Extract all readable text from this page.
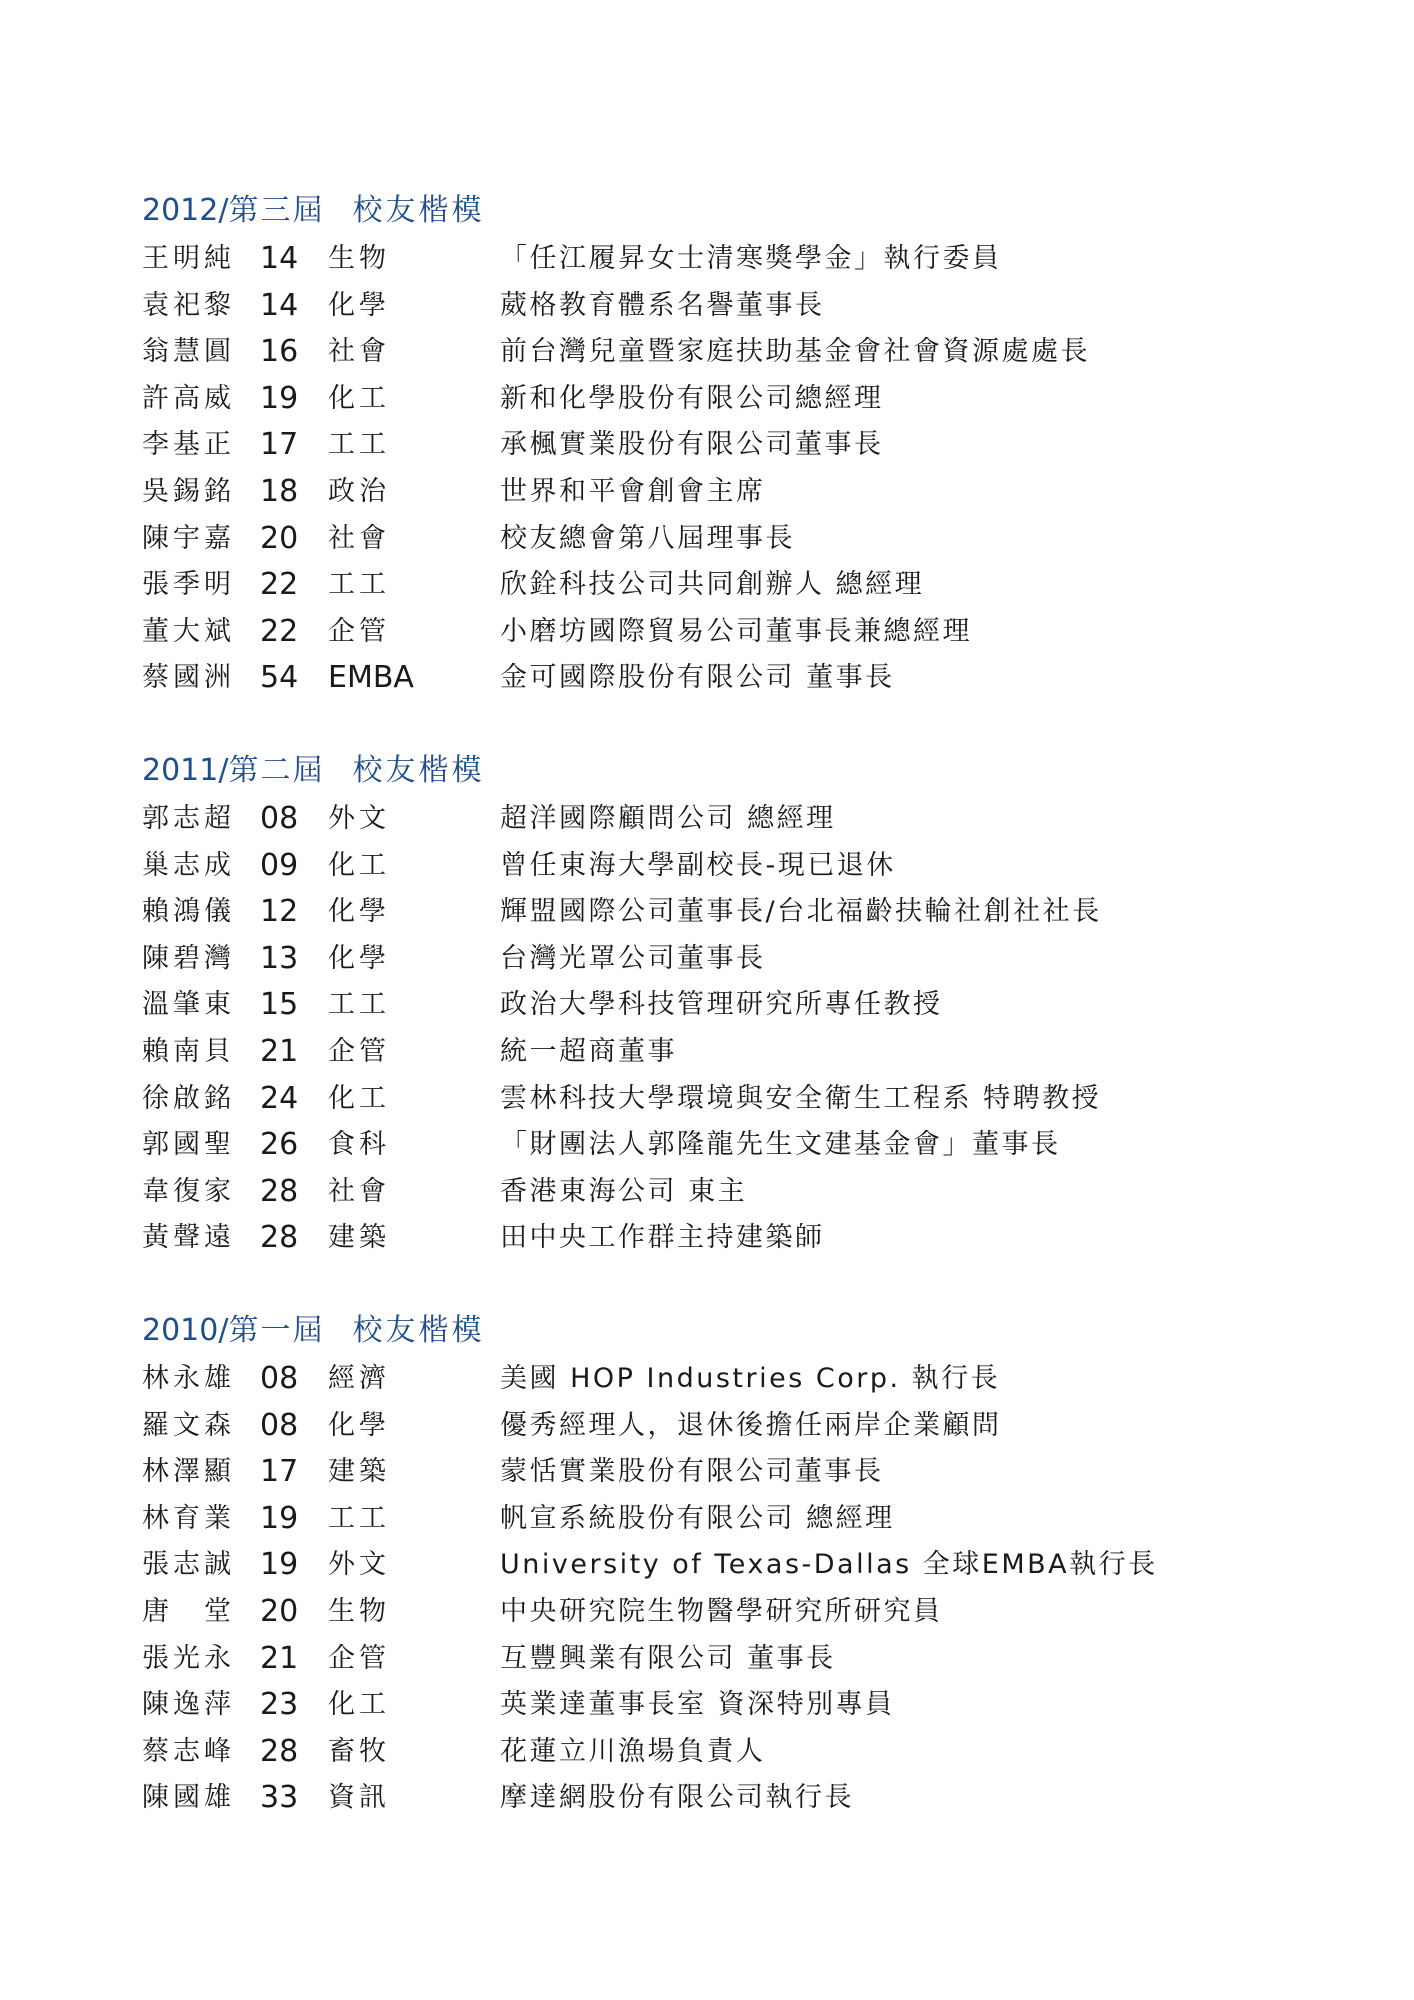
2012/第三屆 校友楷模
王明純 14 生物	「任江履昇女士清寒獎學金」執行委員
袁祀黎 14 化學	葳格教育體系名譽董事長
翁慧圓 16 社會	前台灣兒童暨家庭扶助基金會社會資源處處長
許高威 19 化工	新和化學股份有限公司總經理
李基正 17 工工	承楓實業股份有限公司董事長
吳錫銘 18 政治	世界和平會創會主席
陳宇嘉 20 社會	校友總會第八屆理事長
張季明 22 工工	欣銓科技公司共同創辦人 總經理
董大斌 22 企管	小磨坊國際貿易公司董事長兼總經理
蔡國洲 54 EMBA	金可國際股份有限公司 董事長
2011/第二屆 校友楷模
郭志超 08 外文	超洋國際顧問公司 總經理
巢志成 09 化工	曾任東海大學副校長-現已退休
賴鴻儀 12 化學	輝盟國際公司董事長/台北福齡扶輪社創社社長
陳碧灣 13 化學	台灣光罩公司董事長
溫肇東 15 工工	政治大學科技管理研究所專任教授
賴南貝 21 企管	統一超商董事
徐啟銘 24 化工	雲林科技大學環境與安全衛生工程系 特聘教授
郭國聖 26 食科	「財團法人郭隆龍先生文建基金會」董事長
韋復家 28 社會	香港東海公司 東主
黃聲遠 28 建築	田中央工作群主持建築師
2010/第一屆 校友楷模
林永雄 08 經濟	美國 HOP Industries Corp. 執行長
羅文森 08 化學	優秀經理人，退休後擔任兩岸企業顧問
林澤顯 17 建築	蒙恬實業股份有限公司董事長
林育業 19 工工	帆宣系統股份有限公司 總經理
張志誠 19 外文	University of Texas-Dallas 全球EMBA執行長
唐　堂 20 生物	中央研究院生物醫學研究所研究員
張光永 21 企管	互豐興業有限公司 董事長
陳逸萍 23 化工	英業達董事長室 資深特別專員
蔡志峰 28 畜牧	花蓮立川漁場負責人
陳國雄 33 資訊	摩達網股份有限公司執行長
